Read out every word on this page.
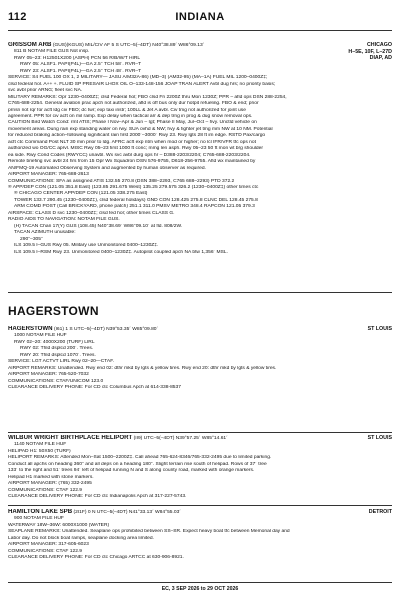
112	INDIANA
CHICAGO
H–5E, 10F, L–27D
DIAP, AD
GRISSOM ARB (GUS)(KGUS) MIL/CIV AF 5 S UTC–5(–4DT) N40°38.89´ W86°09.13´
811 B NOTAM FILE GUS Not insp.
RWY 05–23: H12501X200 (ASPH) PCN 56 R/B/W/T HIRL
RWY 05: ALSF1. PAPI(P4L)—GA 2.5° TCH 58´. RVR–T
RWY 23: ALSF1. PAPI(P4L)—GA 2.5° TCH 48´. RVR–T
SERVICE: S4 FUEL 100 OX 1, 2 MILITARY— JASU A/M32A-86) (MD–3) (AM32-95) (MA–1A) FUEL MIL 1200–0400Z‡;
clsd federal hol. A++ +. FLUID SP PRESAIR LHOX OIL O–133-148-156 JOAP TRAN ALERT Avbl dug hrs; no priority basis;
svc avbl prior ARNG; fleet svc NA.
MILITARY REMARKS: Opr 1230–0400Z‡; clsd Federal hol; FBO clsd Fri 2200Z thru Mon 1230Z; PPR – afld ops DSN 288-2254,
C765-688-2254. General aviation prac apch not authorized, afld is off bus only dur hotpit refueling. FBO & end; prior
prnsn not rqr for acft ldg civ FBO; dc twr; exp taxi instr; 100LL & Jet A avbl. Civ tmg not authorized for joint use
agreement. PPR for civ acft on mil ramp. Exp delay when tactical arr & dep trng in prog & dug snow removal ops.
CAUTION Bird Watch Cond: rmt ATIS; Phase I Nov–Apr & Jun – Igt; Phase II May, Jul–Oct – hvy. Unctld vehicle on
movement areas. Dung rain exp standing water on rwy. SUA ovhd & NW; hvy & fighter jet tmg mm NW at 10 NM. Potential
for reduced braking action–following significant rain first 2000´–3000´ Rwy 23. Rwy lgts 28 ft im edge. RSTD Pax/cargo
acft ctc Command Post NLT 30 min prior to ldg. AFRC acft exp ntm when mod or higher; no lcl IFR/VFR tfc ops not
authorized wo OG/CC aprvl. MISC Rwy 05–23 first 1000 ft conc; mmg len asph. Rwy 05–23 50 ft mon wt brg shoulder
ea side. Rwy Cond Codes (RWYCC) unavbl. Wx svc avbl durg ops hr – D388-2203/2204; C765-688-2203/2204.
Remote briefing svc avbl 24 hrs from 15 Opr Wx Squadron DSN 576-9755, D618-256-9755. Afld wx maintained by
AN/FMQ-19 Automated Observing System and augmented by human observer as required.
AIRPORT MANAGER: 765-688-2613
COMMUNICATIONS: SFA as assigned ATIS 132.55 270.8 (DSN 388–2293, C765 688–2293) PTD 372.2
® APP/DEP CON (121.05 351.8 East) (123.85 291.675 West) 135.25 279.575 326.2 (1230–0400Z‡) other times ctc
® CHICAGO CENTER APP/DEP CON (121.05 338.275 East)
TOWER 133.7 290.45 (1230–0400Z‡), clsd federal holidays) GND CON 128.425 275.8 CLNC DEL 128.45 275.8
ARM COMD POST (Call BRICKYARD, phone patch) 251.1 311.0 PMSV METRO 348.4 RAPCON 121.05 379.3
AIRSPACE: CLASS D svc 1230–0400Z‡; clsd fed hol; other times CLASS G.
RADIO AIDS TO NAVIGATION: NOTAM FILE GUS.
(H) TACAN Chan 17(Y) GUS (108.45) N40°38.69´ W86°09.10´ at fld. 808/2W.
TACAN AZIMUTH unusable:
290°–305°
ILS 109.5 I–GUS Rwy 05. Military use Unmonitored 0400–1230Z‡.
ILS 109.5 I–RSM Rwy 23. Unmonitored 0400–1230Z‡. Autopilot coupled apch NA btw 1,356´ MSL.
HAGERSTOWN
ST LOUIS
HAGERSTOWN (I61) 1 S UTC–5(–4DT) N39°53.35´ W85°09.80´
1000 NOTAM FILE HUF
RWY 02–20: 4000X200 (TURF) LIRL
RWY 02: Thld dsplcd 200´. Trees.
RWY 20: Thld dsplcd 1070´. Trees.
SERVICE: LGT ACTVT LIRL Rwy 02–20—CTAF.
AIRPORT REMARKS: Unattended. Rwy end 02: dthr mkd by lgts & yellow tires. Rwy end 20: dthr mkd by lgts & yellow tires.
AIRPORT MANAGER: 765-520-7032
COMMUNICATIONS: CTAF/UNICOM 123.0
CLEARANCE DELIVERY PHONE: For CD ctc Columbus Apch at 614-338-8537
ST LOUIS
WILBUR WRIGHT BIRTHPLACE HELIPORT (II9) UTC–5(–4DT) N39°57.25´ W85°14.61´
1140 NOTAM FILE HUF
HELIPAD H1: 50X50 (TURF)
HELIPORT REMARKS: Attended Mon–Sat 1500–2200Z‡. Call ahead 765-624-8346/765-332-2495 due to limited parking.
Conduct all apchs on heading 360° and all deps on a heading 180°. Slight terrain rise south of helipad. Rows of 37´ tree
133´ to the right and 51´ trees 94´ left of helipad running N and S along county road, marked with orange markers.
Helipad H1 marked with stone markers.
AIRPORT MANAGER: (765) 332-2495
COMMUNICATIONS: CTAF 122.9
CLEARANCE DELIVERY PHONE: For CD ctc Indianapolis Apch at 317-227-5743.
DETROIT
HAMILTON LAKE SPB (2I1F) 0 N UTC–5(–4DT) N41°33.13´ W84°55.03´
900 NOTAM FILE HUF
WATERWAY 18W–36W: 6000X1000 (WATER)
SEAPLANE REMARKS: Unattended. Seaplane ops prohibited between SS–SR. Expect heavy boat tfc between Memorial day and
Labor day. Do not block boat ramps, seaplane docking area limited.
AIRPORT MANAGER: 317-605-6023
COMMUNICATIONS: CTAF 122.9
CLEARANCE DELIVERY PHONE: For CD ctc Chicago ARTCC at 630-906-8921.
EC, 3 SEP 2026 to 29 OCT 2026
